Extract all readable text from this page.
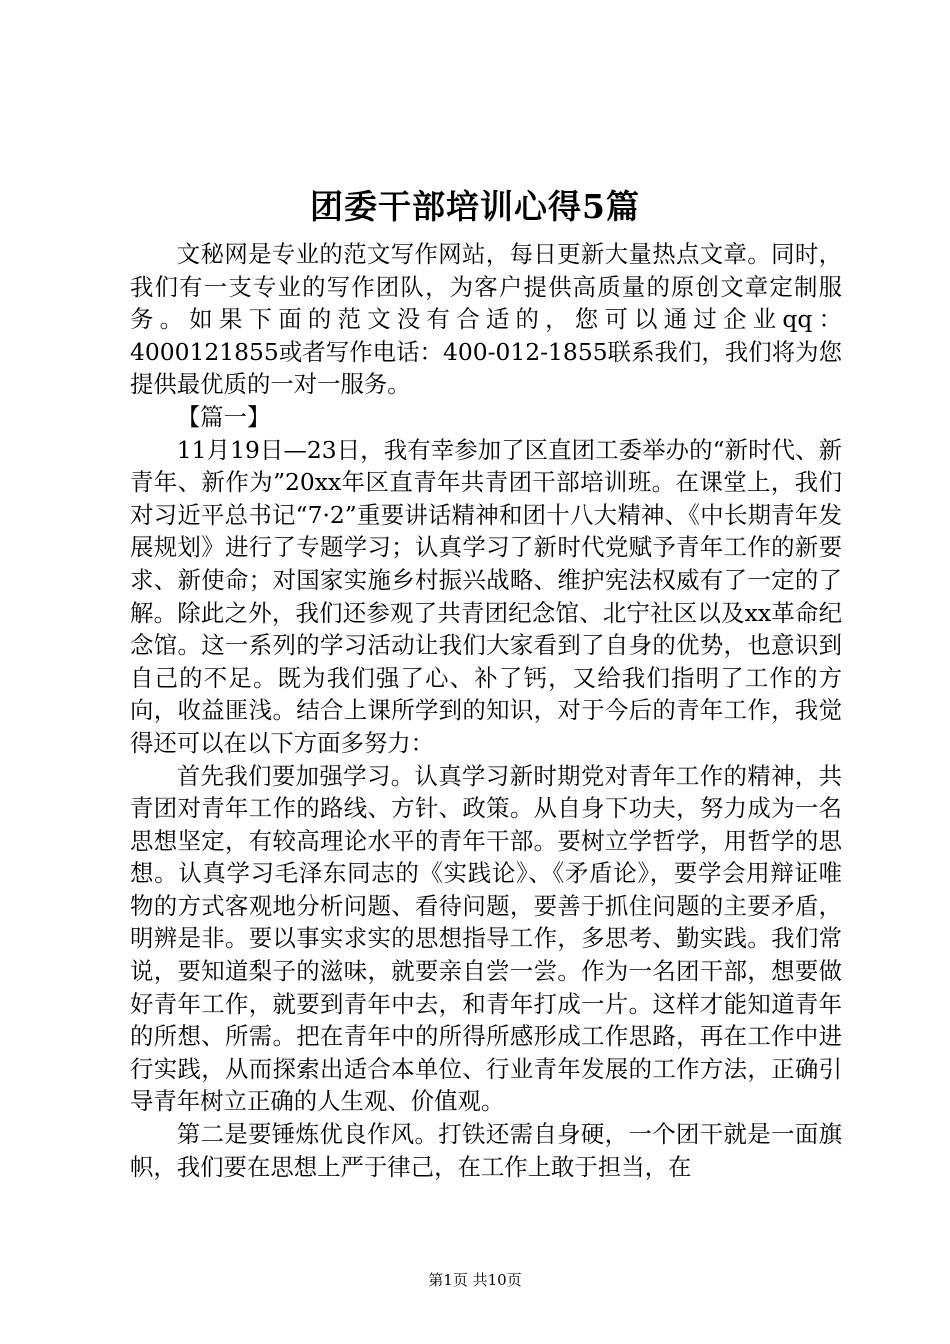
团委干部培训心得5篇

文秘网是专业的范文写作网站，每日更新大量热点文章。同时，我们有一支专业的写作团队，为客户提供高质量的原创文章定制服务。如果下面的范文没有合适的，您可以通过企业qq：4000121855或者写作电话：400-012-1855联系我们，我们将为您提供最优质的一对一服务。

【篇一】

11月19日—23日，我有幸参加了区直团工委举办的“新时代、新青年、新作为”20xx年区直青年共青团干部培训班。在课堂上，我们对习近平总书记“7·2”重要讲话精神和团十八大精神、《中长期青年发展规划》进行了专题学习；认真学习了新时代党赋予青年工作的新要求、新使命；对国家实施乡村振兴战略、维护宪法权威有了一定的了解。除此之外，我们还参观了共青团纪念馆、北宁社区以及xx革命纪念馆。这一系列的学习活动让我们大家看到了自身的优势，也意识到自己的不足。既为我们强了心、补了钙，又给我们指明了工作的方向，收益匪浅。结合上课所学到的知识，对于今后的青年工作，我觉得还可以在以下方面多努力：

首先我们要加强学习。认真学习新时期党对青年工作的精神，共青团对青年工作的路线、方针、政策。从自身下功夫，努力成为一名思想坚定，有较高理论水平的青年干部。要树立学哲学，用哲学的思想。认真学习毛泽东同志的《实践论》、《矛盾论》，要学会用辩证唯物的方式客观地分析问题、看待问题，要善于抓住问题的主要矛盾，明辨是非。要以事实求实的思想指导工作，多思考、勤实践。我们常说，要知道梨子的滋味，就要亲自尝一尝。作为一名团干部，想要做好青年工作，就要到青年中去，和青年打成一片。这样才能知道青年的所想、所需。把在青年中的所得所感形成工作思路，再在工作中进行实践，从而探索出适合本单位、行业青年发展的工作方法，正确引导青年树立正确的人生观、价值观。

第二是要锤炼优良作风。打铁还需自身硬，一个团干就是一面旗帜，我们要在思想上严于律己，在工作上敢于担当，在

第1页 共10页
